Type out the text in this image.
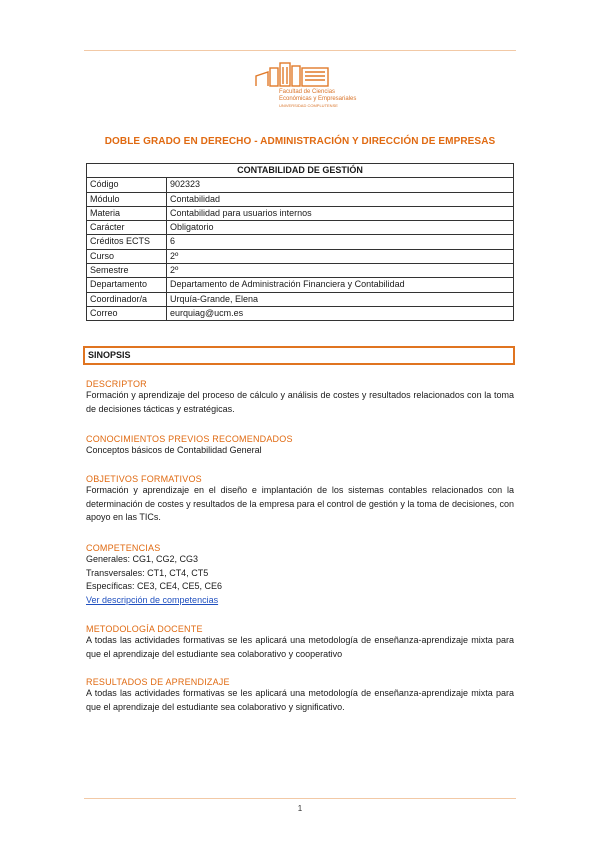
Facultad de Ciencias
Económicas y Empresariales
UNIVERSIDAD COMPLUTENSE
DOBLE GRADO EN DERECHO - ADMINISTRACIÓN Y DIRECCIÓN DE EMPRESAS
CONTABILIDAD DE GESTIÓN	
Código	902323
Módulo	Contabilidad
Materia	Contabilidad para usuarios internos
Carácter	Obligatorio
Créditos ECTS	6
Curso	2º
Semestre	2º
Departamento	Departamento de Administración Financiera y Contabilidad
Coordinador/a	Urquía-Grande, Elena
Correo	eurquiag@ucm.es
SINOPSIS
DESCRIPTOR
Formación y aprendizaje del proceso de cálculo y análisis de costes y resultados relacionados con la toma de decisiones tácticas y estratégicas.
CONOCIMIENTOS PREVIOS RECOMENDADOS
Conceptos básicos de Contabilidad General
OBJETIVOS FORMATIVOS
Formación y aprendizaje en el diseño e implantación de los sistemas contables relacionados con la determinación de costes y resultados de la empresa para el control de gestión y la toma de decisiones, con apoyo en las TICs.
COMPETENCIAS
Generales: CG1, CG2, CG3
Transversales: CT1, CT4, CT5
Específicas: CE3, CE4, CE5, CE6
Ver descripción de competencias
METODOLOGÍA DOCENTE
A todas las actividades formativas se les aplicará una metodología de enseñanza-aprendizaje mixta para que el aprendizaje del estudiante sea colaborativo y cooperativo
RESULTADOS DE APRENDIZAJE
A todas las actividades formativas se les aplicará una metodología de enseñanza-aprendizaje mixta para que el aprendizaje del estudiante sea colaborativo y significativo.
1
